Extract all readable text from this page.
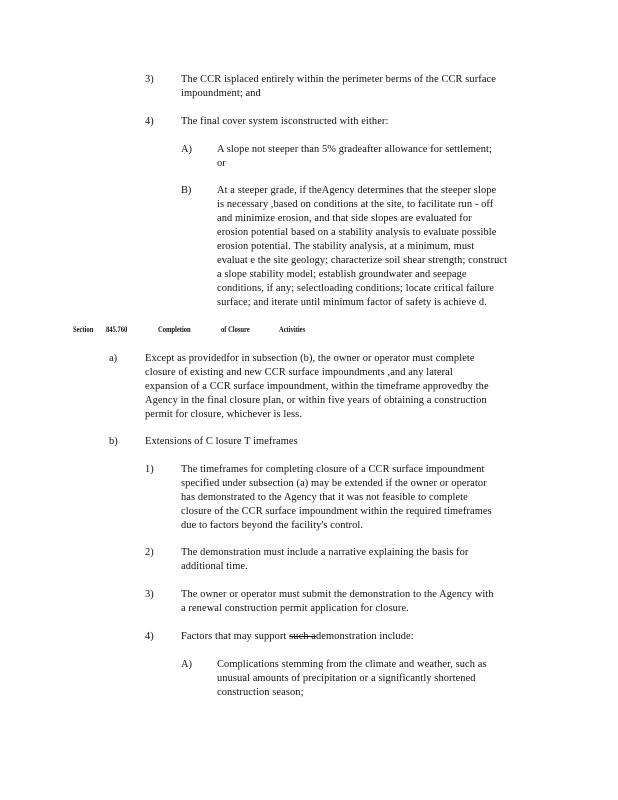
3)	The CCR isplaced entirely within the perimeter berms of the CCR surface
impoundment; and
4)	The final cover system isconstructed with either:
A) A slope not steeper than 5% gradeafter allowance for settlement;
or
B) At a steeper grade, if theAgency determines that the steeper slope
is necessary ,based on conditions at the site, to facilitate run - off
and minimize erosion, and that side slopes are evaluated for
erosion potential based on a stability analysis to evaluate possible
erosion potential. The stability analysis, at a minimum, must
evaluat e the site geology; characterize soil shear strength; construct
a slope stability model; establish groundwater and seepage
conditions, if any; selectloading conditions; locate critical failure
surface; and iterate until minimum factor of safety is achieve d.
Section 845.760	Completion	of Closure	Activities
a)	Except as providedfor in subsection (b), the owner or operator must complete
closure of existing and new CCR surface impoundments ,and any lateral
expansion of a CCR surface impoundment, within the timeframe approvedby the
Agency in the final closure plan, or within five years of obtaining a construction
permit for closure, whichever is less.
b)	Extensions of C losure T imeframes
1)	The timeframes for completing closure of a CCR surface impoundment
specified under subsection (a) may be extended if the owner or operator
has demonstrated to the Agency that it was not feasible to complete
closure of the CCR surface impoundment within the required timeframes
due to factors beyond the facility's control.
2)	The demonstration must include a narrative explaining the basis for
additional time.
3)	The owner or operator must submit the demonstration to the Agency with
a renewal construction permit application for closure.
4)	Factors that may support such ademonstration include:
A) Complications stemming from the climate and weather, such as
unusual amounts of precipitation or a significantly shortened
construction season;
